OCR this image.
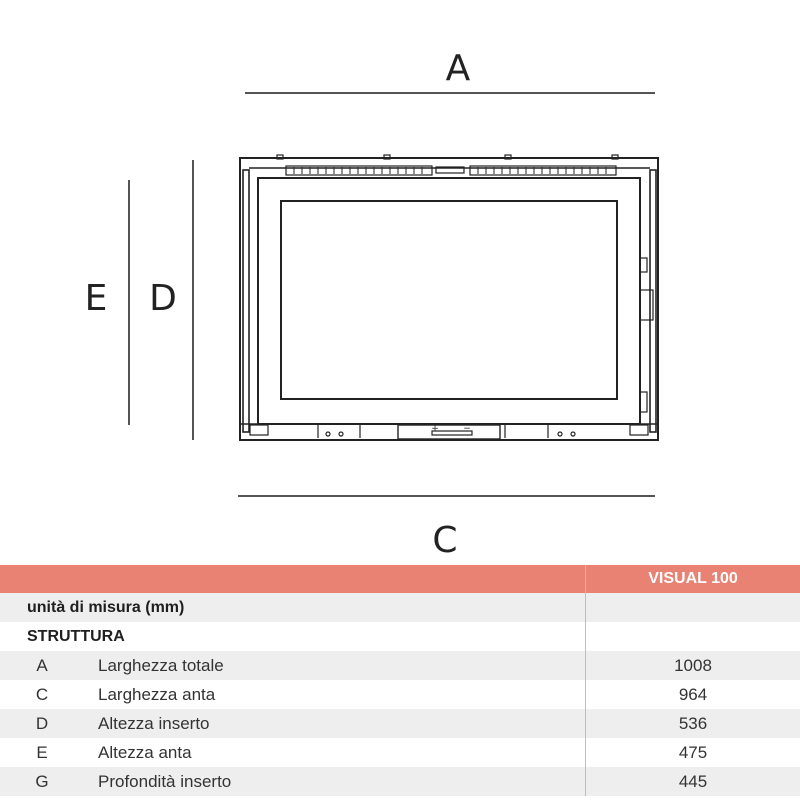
A
C
D
E
+	−
VISUAL 100
unità di misura (mm)
STRUTTURA
A	Larghezza totale	1008
C	Larghezza anta	964
D	Altezza inserto	536
E	Altezza anta	475
G	Profondità inserto	445
